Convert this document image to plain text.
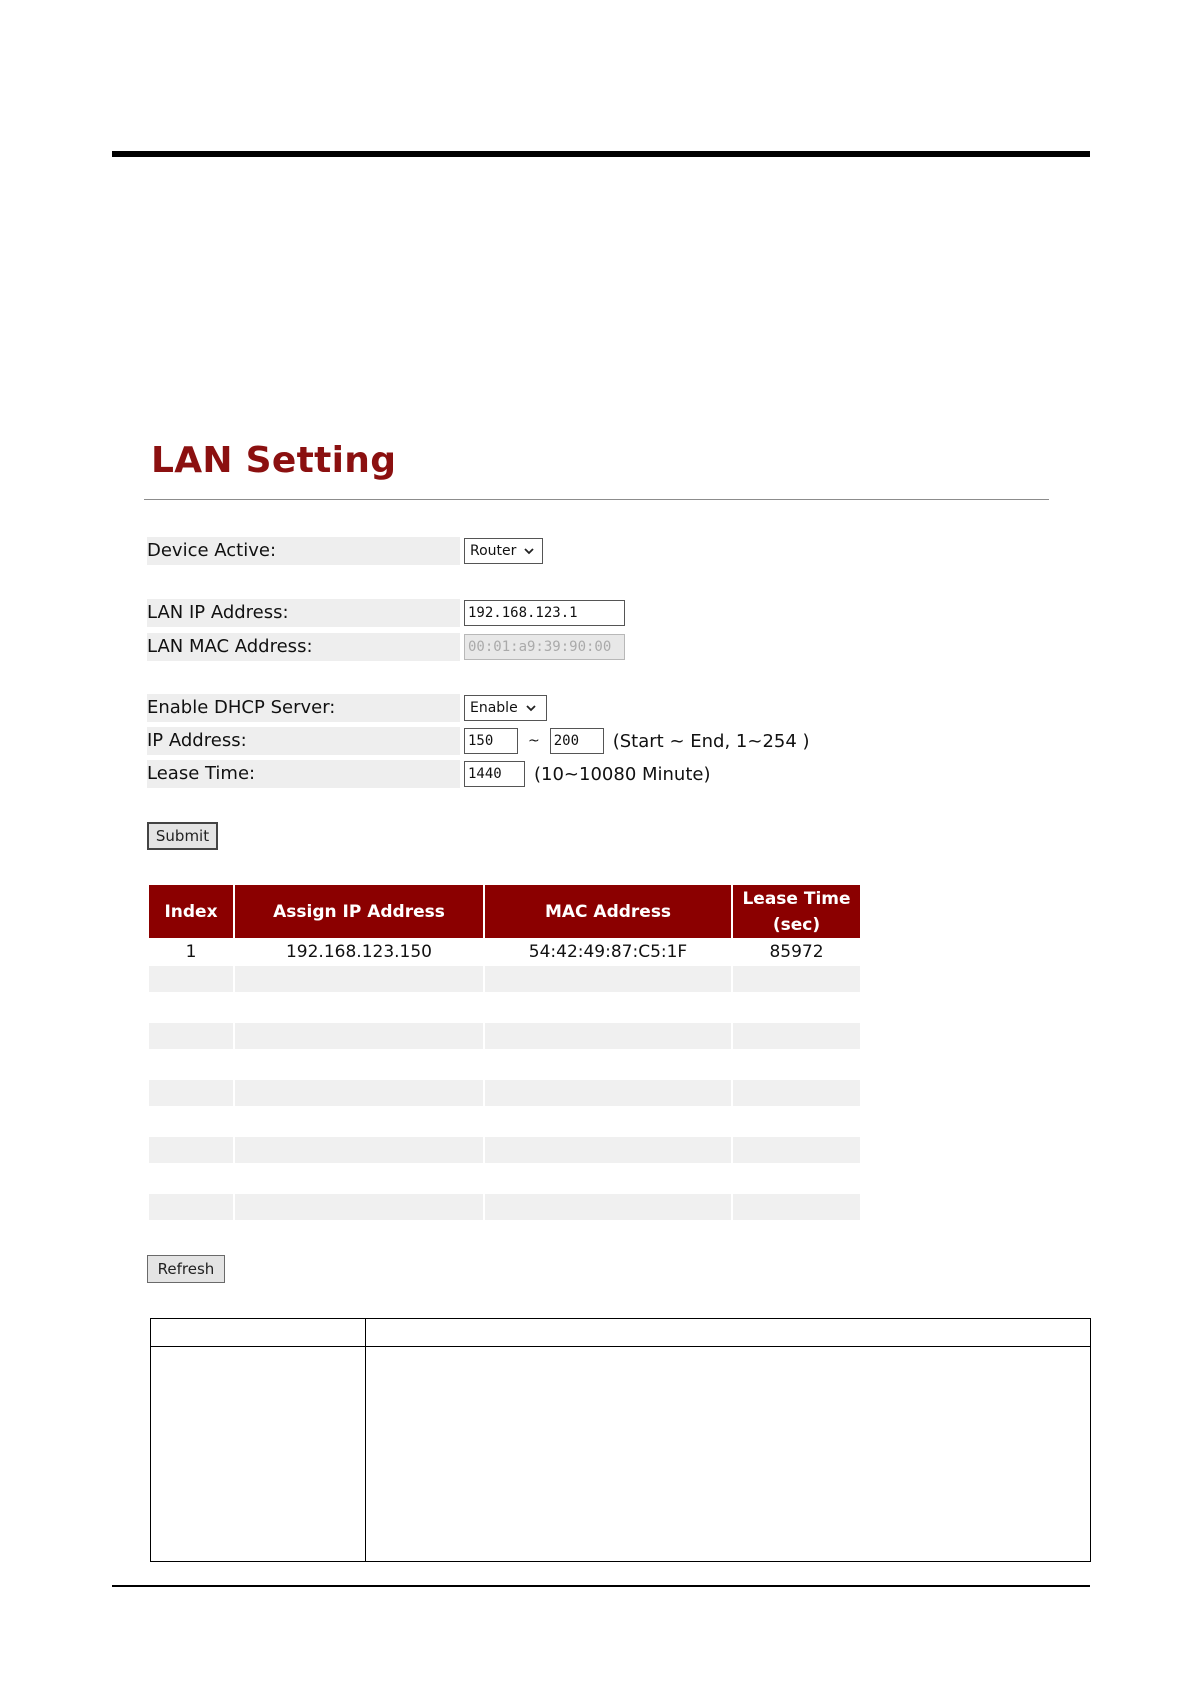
LAN Setting
Device Active:	Router
LAN IP Address:	192.168.123.1
LAN MAC Address:	00:01:a9:39:90:00
Enable DHCP Server:	Enable
IP Address:	150	~ 200	(Start ~ End, 1~254 )
Lease Time:	1440	(10~10080 Minute)
Submit
Index	Assign IP Address	MAC Address	Lease Time
(sec)

1	192.168.123.150	54:42:49:87:C5:1F	85972

Refresh
